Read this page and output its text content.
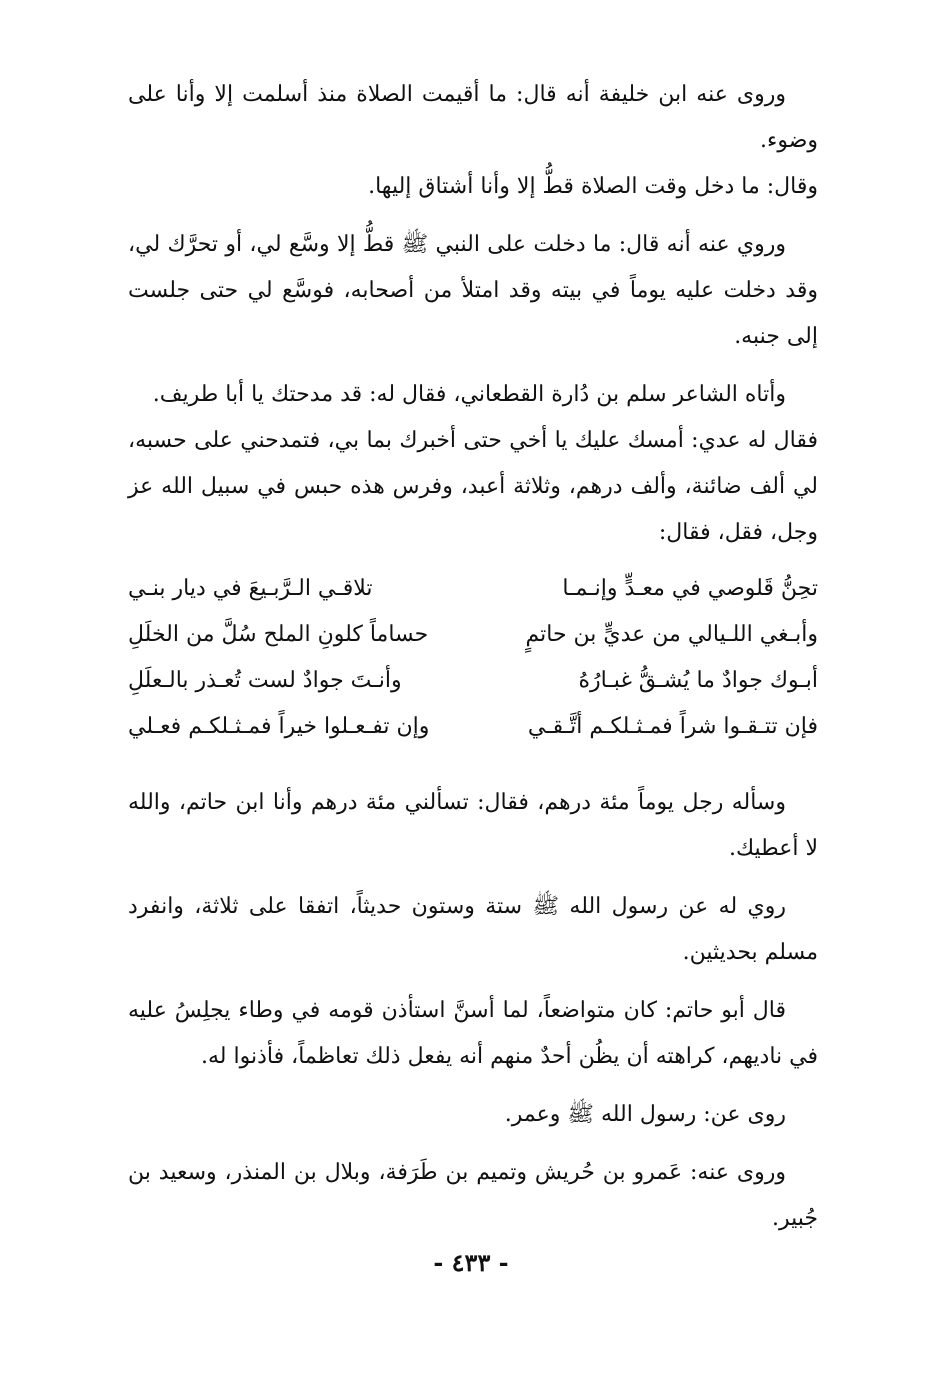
وروى عنه ابن خليفة أنه قال: ما أقيمت الصلاة منذ أسلمت إلا وأنا على وضوء.

وقال: ما دخل وقت الصلاة قطُّ إلا وأنا أشتاق إليها.

وروي عنه أنه قال: ما دخلت على النبي ﷺ قطُّ إلا وسَّع لي، أو تحرَّك لي، وقد دخلت عليه يوماً في بيته وقد امتلأ من أصحابه، فوسَّع لي حتى جلست إلى جنبه.

وأتاه الشاعر سلم بن دُارة القطعاني، فقال له: قد مدحتك يا أبا طريف.

فقال له عدي: أمسك عليك يا أخي حتى أخبرك بما بي، فتمدحني على حسبه، لي ألف ضائنة، وألف درهم، وثلاثة أعبد، وفرس هذه حبس في سبيل الله عز وجل، فقل، فقال:

تحِنُّ قَلوصي في معـدٍّ وإنـمـا

تلاقـي الـرَّبـيعَ في ديار بنـي

وأبـغي اللـيالي من عديٍّ بن حاتمٍ

حساماً كلونِ الملح سُلَّ من الخلَلِ

أبـوك جوادٌ ما يُشـقُّ غبـارُهُ

وأنـتَ جوادٌ لست تُعـذر بالـعلَلِ

فإن تتـقـوا شراً فمـثـلكـم أتَّـقـي

وإن تفـعـلوا خيراً فمـثـلكـم فعـلي

وسأله رجل يوماً مئة درهم، فقال: تسألني مئة درهم وأنا ابن حاتم، والله لا أعطيك.

روي له عن رسول الله ﷺ ستة وستون حديثاً، اتفقا على ثلاثة، وانفرد مسلم بحديثين.

قال أبو حاتم: كان متواضعاً، لما أسنَّ استأذن قومه في وطاء يجلِسُ عليه في ناديهم، كراهته أن يظُن أحدٌ منهم أنه يفعل ذلك تعاظماً، فأذنوا له.

روى عن: رسول الله ﷺ وعمر.

وروى عنه: عَمرو بن حُريش وتميم بن طَرَفة، وبلال بن المنذر، وسعيد بن جُبير.

- ٤٣٣ -
